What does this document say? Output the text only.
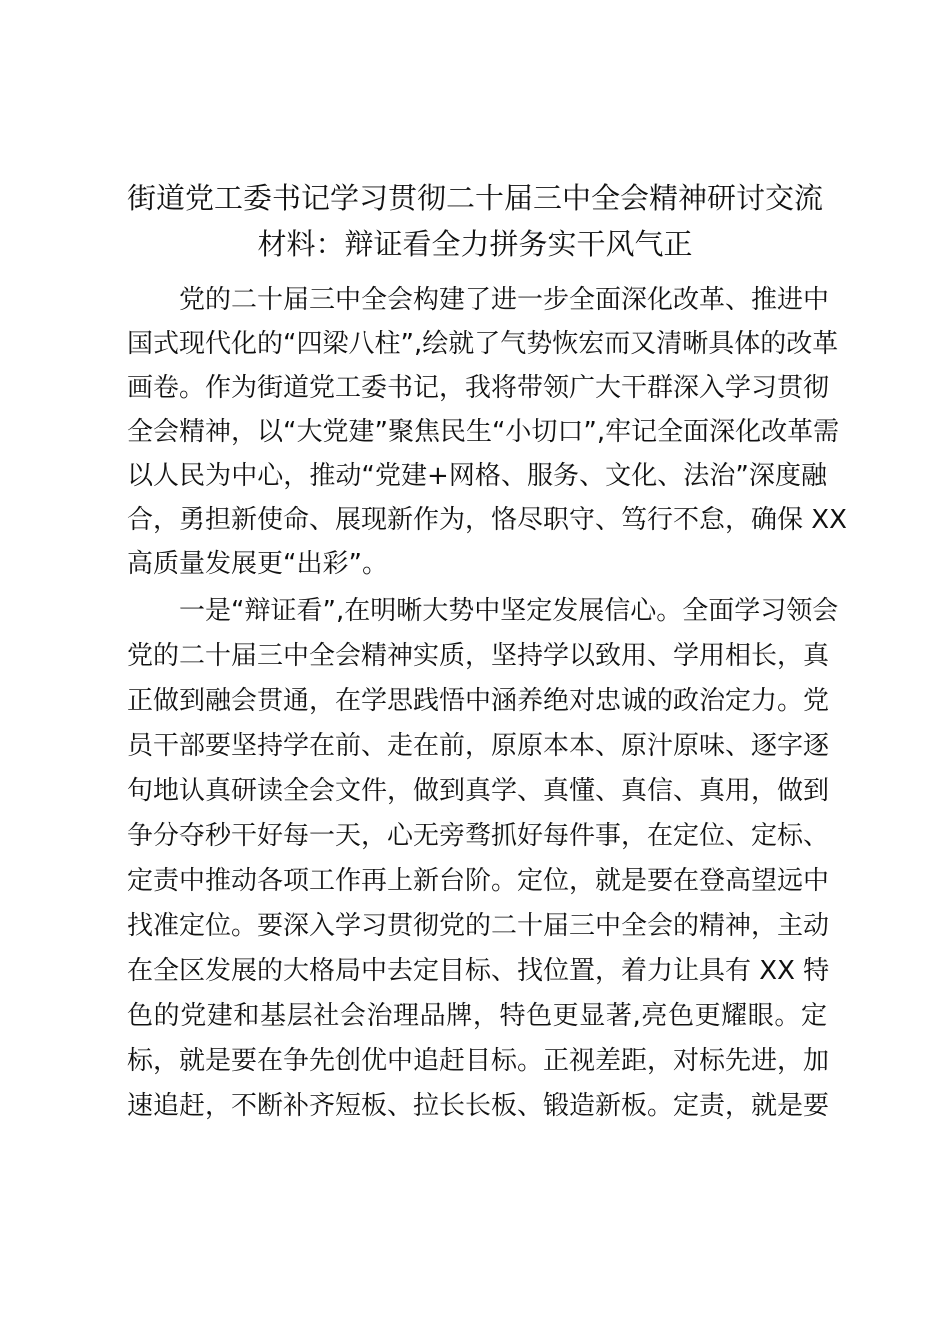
街道党工委书记学习贯彻二十届三中全会精神研讨交流
材料：辩证看全力拼务实干风气正
党的二十届三中全会构建了进一步全面深化改革、推进中
国式现代化的“四梁八柱”,绘就了气势恢宏而又清晰具体的改革
画卷。作为街道党工委书记，我将带领广大干群深入学习贯彻
全会精神，以“大党建”聚焦民生“小切口”,牢记全面深化改革需
以人民为中心，推动“党建+网格、服务、文化、法治”深度融
合，勇担新使命、展现新作为，恪尽职守、笃行不怠，确保 XX
高质量发展更“出彩”。
一是“辩证看”,在明晰大势中坚定发展信心。全面学习领会
党的二十届三中全会精神实质，坚持学以致用、学用相长，真
正做到融会贯通，在学思践悟中涵养绝对忠诚的政治定力。党
员干部要坚持学在前、走在前，原原本本、原汁原味、逐字逐
句地认真研读全会文件，做到真学、真懂、真信、真用，做到
争分夺秒干好每一天，心无旁骛抓好每件事，在定位、定标、
定责中推动各项工作再上新台阶。定位，就是要在登高望远中
找准定位。要深入学习贯彻党的二十届三中全会的精神，主动
在全区发展的大格局中去定目标、找位置，着力让具有 XX 特
色的党建和基层社会治理品牌，特色更显著,亮色更耀眼。定
标，就是要在争先创优中追赶目标。正视差距，对标先进，加
速追赶，不断补齐短板、拉长长板、锻造新板。定责，就是要
